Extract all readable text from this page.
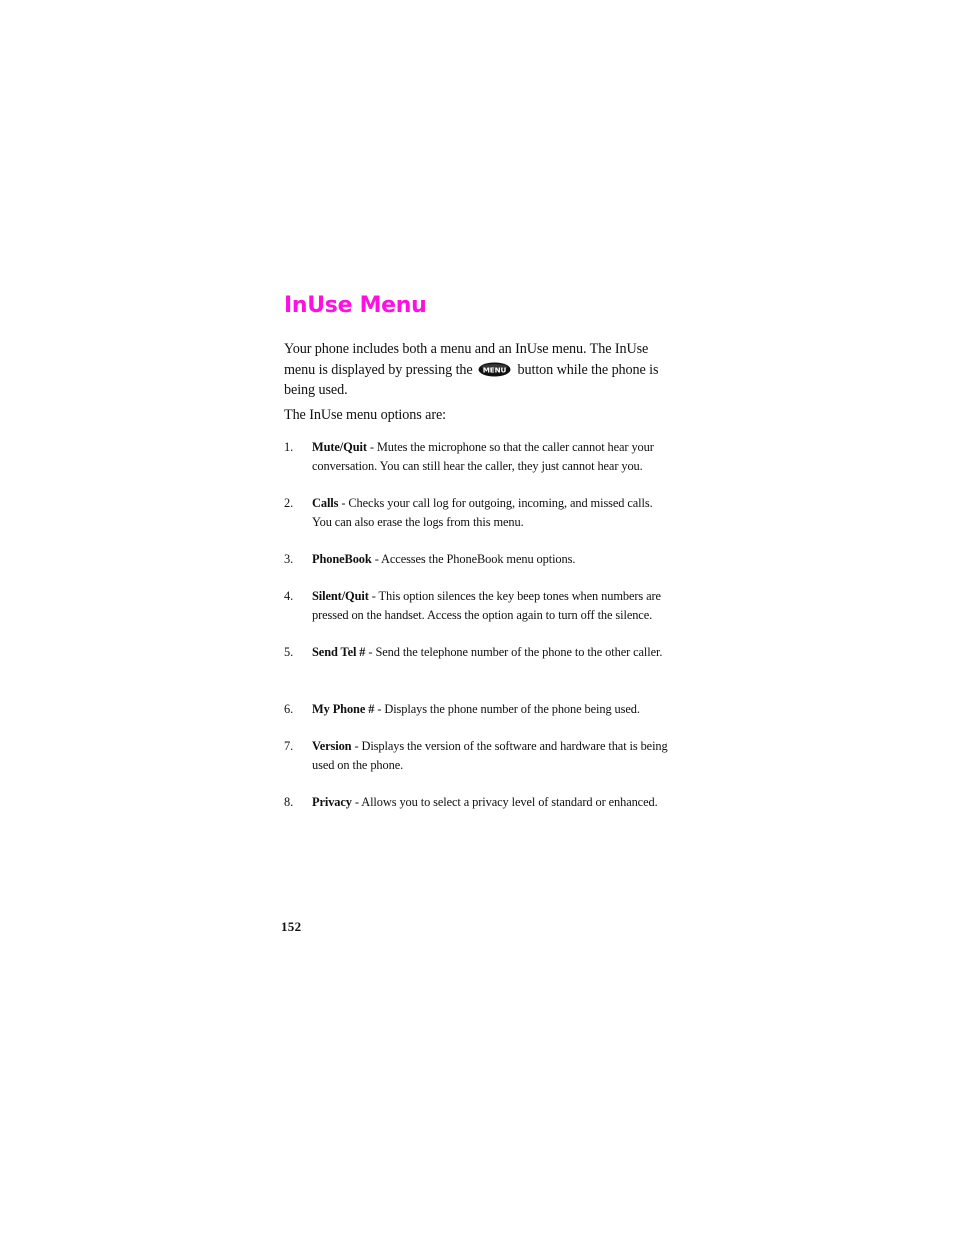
InUse Menu

Your phone includes both a menu and an InUse menu. The InUse menu is displayed by pressing the MENU button while the phone is being used.

The InUse menu options are:

1.	Mute/Quit - Mutes the microphone so that the caller cannot hear your conversation. You can still hear the caller, they just cannot hear you.
2.	Calls - Checks your call log for outgoing, incoming, and missed calls. You can also erase the logs from this menu.
3.	PhoneBook - Accesses the PhoneBook menu options.
4.	Silent/Quit - This option silences the key beep tones when numbers are pressed on the handset. Access the option again to turn off the silence.
5.	Send Tel # - Send the telephone number of the phone to the other caller.
6.	My Phone # - Displays the phone number of the phone being used.
7.	Version - Displays the version of the software and hardware that is being used on the phone.
8.	Privacy - Allows you to select a privacy level of standard or enhanced.
152
